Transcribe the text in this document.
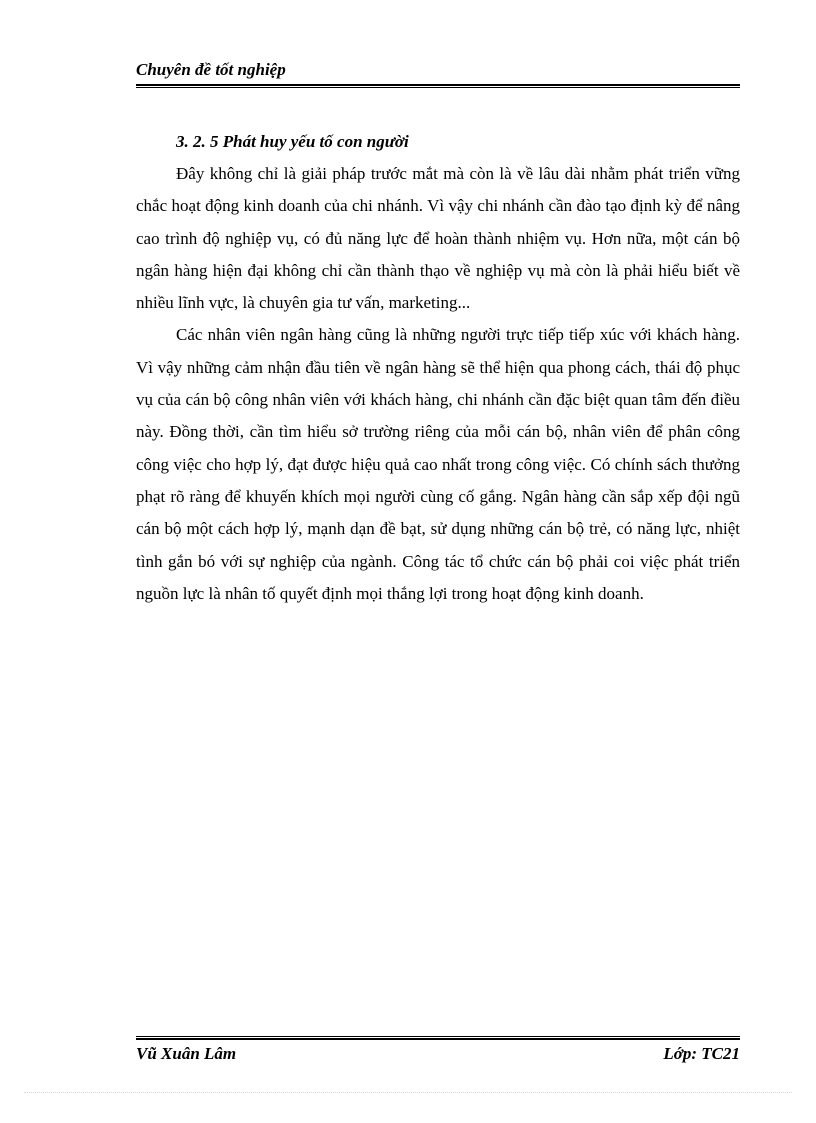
Chuyên đề tốt nghiệp
3. 2. 5 Phát huy yếu tố con người

Đây không chỉ là giải pháp trước mắt mà còn là về lâu dài nhằm phát triển vững chắc hoạt động kinh doanh của chi nhánh. Vì vậy chi nhánh cần đào tạo định kỳ để nâng cao trình độ nghiệp vụ, có đủ năng lực để hoàn thành nhiệm vụ. Hơn nữa, một cán bộ ngân hàng hiện đại không chỉ cần thành thạo về nghiệp vụ mà còn là phải hiểu biết về nhiều lĩnh vực, là chuyên gia tư vấn, marketing...

Các nhân viên ngân hàng cũng là những người trực tiếp tiếp xúc với khách hàng. Vì vậy những cảm nhận đầu tiên về ngân hàng sẽ thể hiện qua phong cách, thái độ phục vụ của cán bộ công nhân viên với khách hàng, chi nhánh cần đặc biệt quan tâm đến điều này. Đồng thời, cần tìm hiểu sở trường riêng của mỗi cán bộ, nhân viên để phân công công việc cho hợp lý, đạt được hiệu quả cao nhất trong công việc. Có chính sách thưởng phạt rõ ràng để khuyến khích mọi người cùng cố gắng. Ngân hàng cần sắp xếp đội ngũ cán bộ một cách hợp lý, mạnh dạn đề bạt, sử dụng những cán bộ trẻ, có năng lực, nhiệt tình gắn bó với sự nghiệp của ngành. Công tác tổ chức cán bộ phải coi việc phát triển nguồn lực là nhân tố quyết định mọi thắng lợi trong hoạt động kinh doanh.

Vũ Xuân Lâm	Lớp: TC21
